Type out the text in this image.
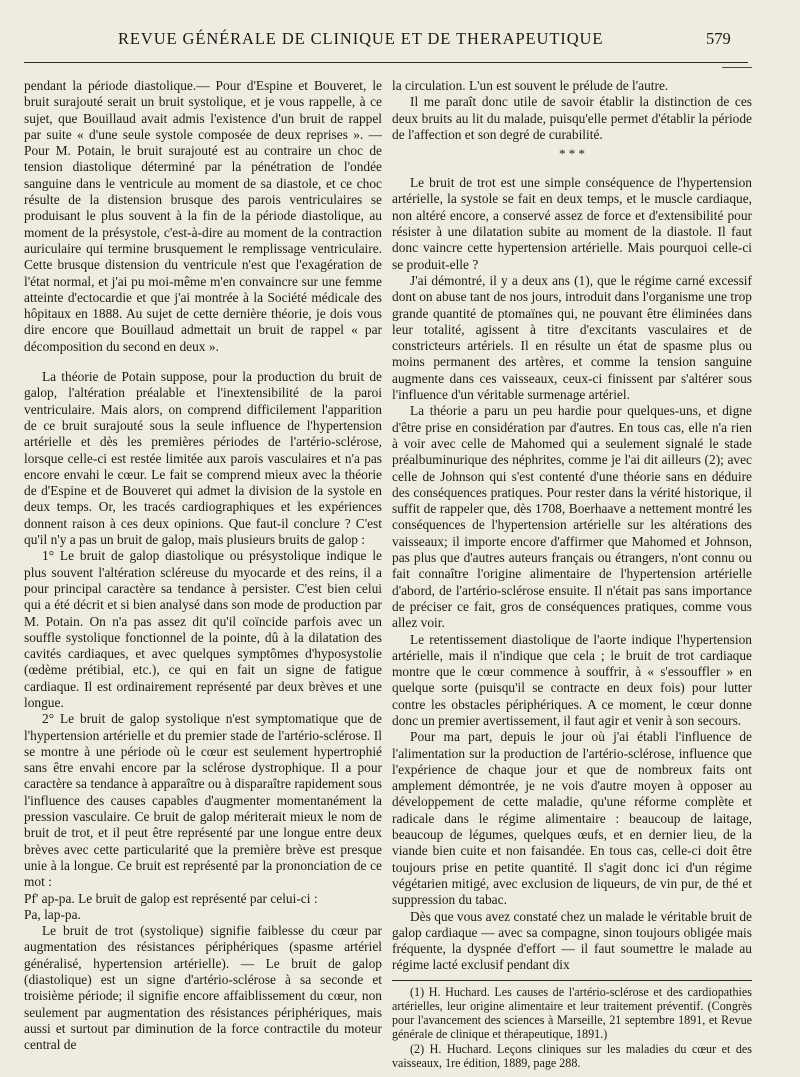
REVUE GÉNÉRALE DE CLINIQUE ET DE THERAPEUTIQUE	579

pendant la période diastolique.— Pour d'Espine et Bouveret, le bruit surajouté serait un bruit systolique, et je vous rappelle, à ce sujet, que Bouillaud avait admis l'existence d'un bruit de rappel par suite « d'une seule systole composée de deux reprises ». — Pour M. Potain, le bruit surajouté est au contraire un choc de tension diastolique déterminé par la pénétration de l'ondée sanguine dans le ventricule au moment de sa diastole, et ce choc résulte de la distension brusque des parois ventriculaires se produisant le plus souvent à la fin de la période diastolique, au moment de la présystole, c'est-à-dire au moment de la contraction auriculaire qui termine brusquement le remplissage ventriculaire. Cette brusque distension du ventricule n'est que l'exagération de l'état normal, et j'ai pu moi-même m'en convaincre sur une femme atteinte d'ectocardie et que j'ai montrée à la Société médicale des hôpitaux en 1888. Au sujet de cette dernière théorie, je dois vous dire encore que Bouillaud admettait un bruit de rappel « par décomposition du second en deux ».

La théorie de Potain suppose, pour la production du bruit de galop, l'altération préalable et l'inextensibilité de la paroi ventriculaire. Mais alors, on comprend difficilement l'apparition de ce bruit surajouté sous la seule influence de l'hypertension artérielle et dès les premières périodes de l'artério-sclérose, lorsque celle-ci est restée limitée aux parois vasculaires et n'a pas encore envahi le cœur. Le fait se comprend mieux avec la théorie de d'Espine et de Bouveret qui admet la division de la systole en deux temps. Or, les tracés cardiographiques et les expériences donnent raison à ces deux opinions. Que faut-il conclure ? C'est qu'il n'y a pas un bruit de galop, mais plusieurs bruits de galop :

1° Le bruit de galop diastolique ou présystolique indique le plus souvent l'altération scléreuse du myocarde et des reins, il a pour principal caractère sa tendance à persister. C'est bien celui qui a été décrit et si bien analysé dans son mode de production par M. Potain. On n'a pas assez dit qu'il coïncide parfois avec un souffle systolique fonctionnel de la pointe, dû à la dilatation des cavités cardiaques, et avec quelques symptômes d'hyposystolie (œdème prétibial, etc.), ce qui en fait un signe de fatigue cardiaque. Il est ordinairement représenté par deux brèves et une longue.

2° Le bruit de galop systolique n'est symptomatique que de l'hypertension artérielle et du premier stade de l'artério-sclérose. Il se montre à une période où le cœur est seulement hypertrophié sans être envahi encore par la sclérose dystrophique. Il a pour caractère sa tendance à apparaître ou à disparaître rapidement sous l'influence des causes capables d'augmenter momentanément la pression vasculaire. Ce bruit de galop mériterait mieux le nom de bruit de trot, et il peut être représenté par une longue entre deux brèves avec cette particularité que la première brève est presque unie à la longue. Ce bruit est représenté par la prononciation de ce mot :

Pf' ap-pa. Le bruit de galop est représenté par celui-ci :

Pa, lap-pa.

Le bruit de trot (systolique) signifie faiblesse du cœur par augmentation des résistances périphériques (spasme artériel généralisé, hypertension artérielle). — Le bruit de galop (diastolique) est un signe d'artério-sclérose à sa seconde et troisième période; il signifie encore affaiblissement du cœur, non seulement par augmentation des résistances périphériques, mais aussi et surtout par diminution de la force contractile du moteur central de

la circulation. L'un est souvent le prélude de l'autre.

Il me paraît donc utile de savoir établir la distinction de ces deux bruits au lit du malade, puisqu'elle permet d'établir la période de l'affection et son degré de curabilité.

* * *

Le bruit de trot est une simple conséquence de l'hypertension artérielle, la systole se fait en deux temps, et le muscle cardiaque, non altéré encore, a conservé assez de force et d'extensibilité pour résister à une dilatation subite au moment de la diastole. Il faut donc vaincre cette hypertension artérielle. Mais pourquoi celle-ci se produit-elle ?

J'ai démontré, il y a deux ans (1), que le régime carné excessif dont on abuse tant de nos jours, introduit dans l'organisme une trop grande quantité de ptomaïnes qui, ne pouvant être éliminées dans leur totalité, agissent à titre d'excitants vasculaires et de constricteurs artériels. Il en résulte un état de spasme plus ou moins permanent des artères, et comme la tension sanguine augmente dans ces vaisseaux, ceux-ci finissent par s'altérer sous l'influence d'un véritable surmenage artériel.

La théorie a paru un peu hardie pour quelques-uns, et digne d'être prise en considération par d'autres. En tous cas, elle n'a rien à voir avec celle de Mahomed qui a seulement signalé le stade préalbuminurique des néphrites, comme je l'ai dit ailleurs (2); avec celle de Johnson qui s'est contenté d'une théorie sans en déduire des conséquences pratiques. Pour rester dans la vérité historique, il suffit de rappeler que, dès 1708, Boerhaave a nettement montré les conséquences de l'hypertension artérielle sur les altérations des vaisseaux; il importe encore d'affirmer que Mahomed et Johnson, pas plus que d'autres auteurs français ou étrangers, n'ont connu ou fait connaître l'origine alimentaire de l'hypertension artérielle d'abord, de l'artério-sclérose ensuite. Il n'était pas sans importance de préciser ce fait, gros de conséquences pratiques, comme vous allez voir.

Le retentissement diastolique de l'aorte indique l'hypertension artérielle, mais il n'indique que cela ; le bruit de trot cardiaque montre que le cœur commence à souffrir, à « s'essouffler » en quelque sorte (puisqu'il se contracte en deux fois) pour lutter contre les obstacles périphériques. A ce moment, le cœur donne donc un premier avertissement, il faut agir et venir à son secours.

Pour ma part, depuis le jour où j'ai établi l'influence de l'alimentation sur la production de l'artério-sclérose, influence que l'expérience de chaque jour et que de nombreux faits ont amplement démontrée, je ne vois d'autre moyen à opposer au développement de cette maladie, qu'une réforme complète et radicale dans le régime alimentaire : beaucoup de laitage, beaucoup de légumes, quelques œufs, et en dernier lieu, de la viande bien cuite et non faisandée. En tous cas, celle-ci doit être toujours prise en petite quantité. Il s'agit donc ici d'un régime végétarien mitigé, avec exclusion de liqueurs, de vin pur, de thé et suppression du tabac.

Dès que vous avez constaté chez un malade le véritable bruit de galop cardiaque — avec sa compagne, sinon toujours obligée mais fréquente, la dyspnée d'effort — il faut soumettre le malade au régime lacté exclusif pendant dix

(1) H. Huchard. Les causes de l'artério-sclérose et des cardiopathies artérielles, leur origine alimentaire et leur traitement préventif. (Congrès pour l'avancement des sciences à Marseille, 21 septembre 1891, et Revue générale de clinique et thérapeutique, 1891.)

(2) H. Huchard. Leçons cliniques sur les maladies du cœur et des vaisseaux, 1re édition, 1889, page 288.
